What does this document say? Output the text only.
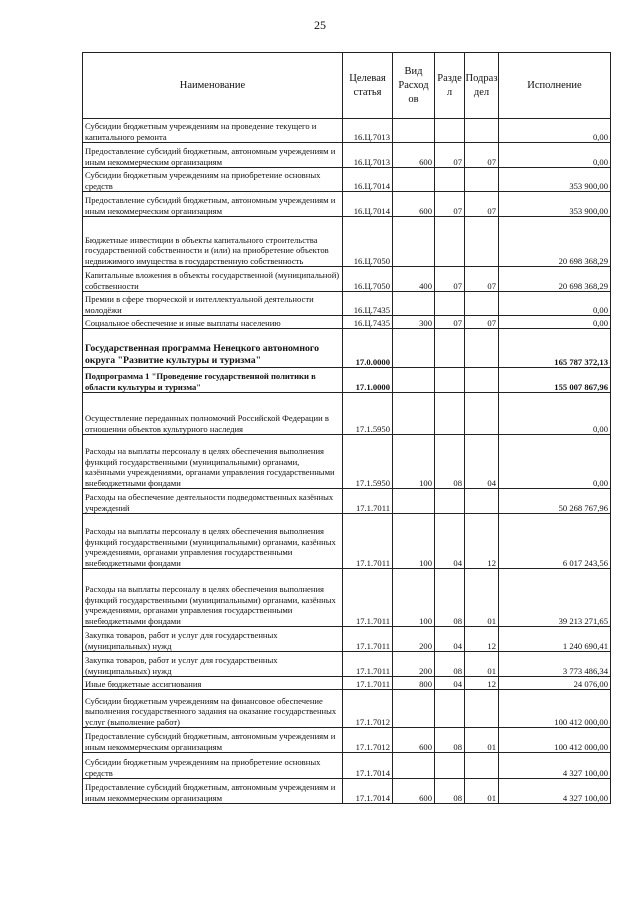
25
Наименование	Целевая статья	Вид Расход ов	Разде л	Подраз дел	Исполнение
Субсидии бюджетным учреждениям на проведение текущего и капитального ремонта	16.Ц.7013				0,00
Предоставление субсидий бюджетным, автономным учреждениям и иным некоммерческим организациям	16.Ц.7013	600	07	07	0,00
Субсидии бюджетным учреждениям на приобретение основных средств	16.Ц.7014				353 900,00
Предоставление субсидий бюджетным, автономным учреждениям и иным некоммерческим организациям	16.Ц.7014	600	07	07	353 900,00
Бюджетные инвестиции в объекты капитального строительства государственной собственности и (или) на приобретение объектов недвижимого имущества в государственную собственность	16.Ц.7050				20 698 368,29
Капитальные вложения в объекты государственной (муниципальной) собственности	16.Ц.7050	400	07	07	20 698 368,29
Премии в сфере творческой и интеллектуальной деятельности молодёжи	16.Ц.7435				0,00
Социальное обеспечение и иные выплаты населению	16.Ц.7435	300	07	07	0,00
Государственная программа Ненецкого автономного округа "Развитие культуры и туризма"	17.0.0000				165 787 372,13
Подпрограмма 1 "Проведение государственной политики в области культуры и туризма"	17.1.0000				155 007 867,96
Осуществление переданных полномочий Российской Федерации в отношении объектов культурного наследия	17.1.5950				0,00
Расходы на выплаты персоналу в целях обеспечения выполнения функций государственными (муниципальными) органами, казёнными учреждениями, органами управления государственными внебюджетными фондами	17.1.5950	100	08	04	0,00
Расходы на обеспечение деятельности подведомственных казённых учреждений	17.1.7011				50 268 767,96
Расходы на выплаты персоналу в целях обеспечения выполнения функций государственными (муниципальными) органами, казённых учреждениями, органами управления государственными внебюджетными фондами	17.1.7011	100	04	12	6 017 243,56
Расходы на выплаты персоналу в целях обеспечения выполнения функций государственными (муниципальными) органами, казённых учреждениями, органами управления государственными внебюджетными фондами	17.1.7011	100	08	01	39 213 271,65
Закупка товаров, работ и услуг для государственных (муниципальных) нужд	17.1.7011	200	04	12	1 240 690,41
Закупка товаров, работ и услуг для государственных (муниципальных) нужд	17.1.7011	200	08	01	3 773 486,34
Иные бюджетные ассигнования	17.1.7011	800	04	12	24 076,00
Субсидии бюджетным учреждениям на финансовое обеспечение выполнения государственного задания на оказание государственных услуг (выполнение работ)	17.1.7012				100 412 000,00
Предоставление субсидий бюджетным, автономным учреждениям и иным некоммерческим организациям	17.1.7012	600	08	01	100 412 000,00
Субсидии бюджетным учреждениям на приобретение основных средств	17.1.7014				4 327 100,00
Предоставление субсидий бюджетным, автономным учреждениям и иным некоммерческим организациям	17.1.7014	600	08	01	4 327 100,00
